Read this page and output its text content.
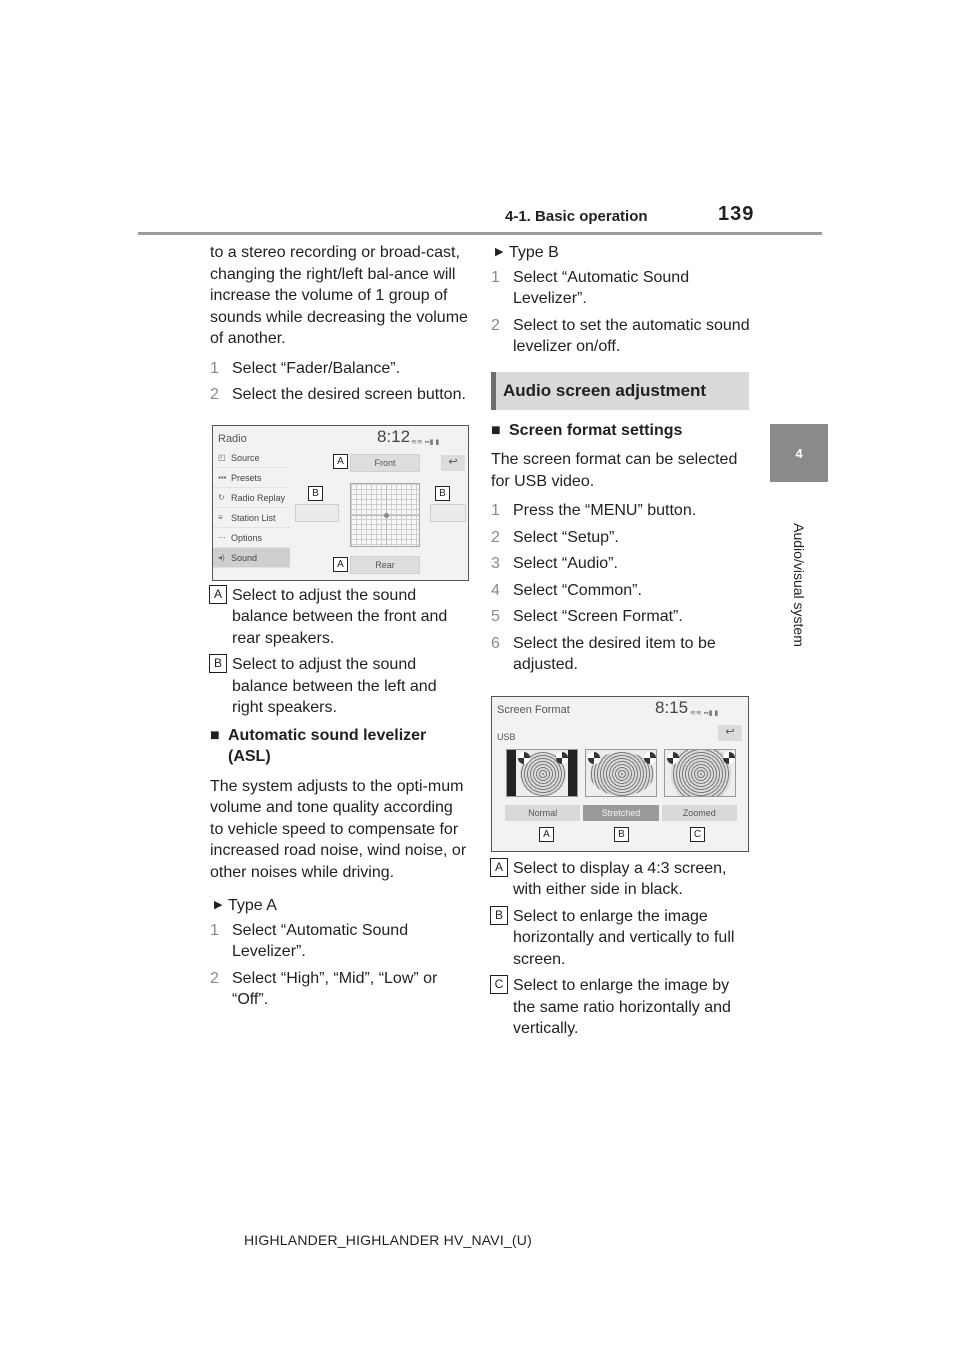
4-1. Basic operation	139
4
Audio/visual system

to a stereo recording or broad-cast, changing the right/left bal-ance will increase the volume of 1 group of sounds while decreasing the volume of another.

1 Select “Fader/Balance”.
2 Select the desired screen button.
Radio	8:12 ≋≋ ▪▪▮ ▮
◰ Source
▪▪▪ Presets
↻ Radio Replay
≡ Station List
⋯ Options
◂) Sound
Front
Rear
↩
A
A
B	B
A Select to adjust the sound balance between the front and rear speakers.
B Select to adjust the sound balance between the left and right speakers.
■ Automatic sound levelizer (ASL)

The system adjusts to the opti-mum volume and tone quality according to vehicle speed to compensate for increased road noise, wind noise, or other noises while driving.

▶ Type A
1 Select “Automatic Sound Levelizer”.
2 Select “High”, “Mid”, “Low” or “Off”.
▶ Type B
1 Select “Automatic Sound Levelizer”.
2 Select to set the automatic sound levelizer on/off.
Audio screen adjustment
■ Screen format settings

The screen format can be selected for USB video.

1 Press the “MENU” button.
2 Select “Setup”.
3 Select “Audio”.
4 Select “Common”.
5 Select “Screen Format”.
6 Select the desired item to be adjusted.
Screen Format
USB
8:15 ≋≋ ▪▪▮ ▮
↩
Normal	Stretched	Zoomed
A	B	C
A Select to display a 4:3 screen, with either side in black.
B Select to enlarge the image horizontally and vertically to full screen.
C Select to enlarge the image by the same ratio horizontally and vertically.
HIGHLANDER_HIGHLANDER HV_NAVI_(U)
